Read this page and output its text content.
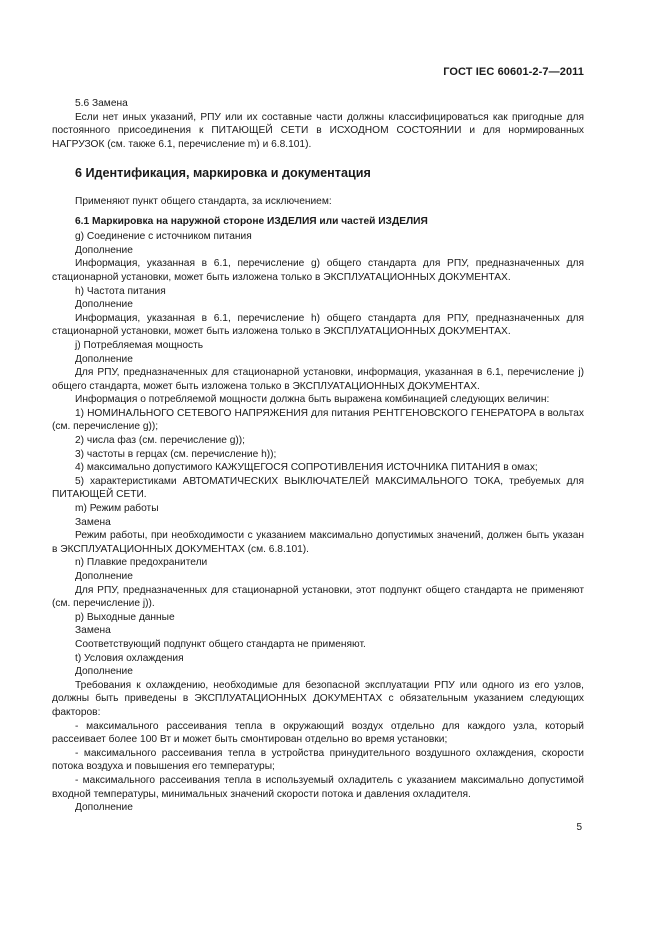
ГОСТ IEC 60601-2-7—2011

5.6 Замена

Если нет иных указаний, РПУ или их составные части должны классифицироваться как пригодные для постоянного присоединения к ПИТАЮЩЕЙ СЕТИ в ИСХОДНОМ СОСТОЯНИИ и для нормированных НАГРУЗОК (см. также 6.1, перечисление m) и 6.8.101).

6 Идентификация, маркировка и документация

Применяют пункт общего стандарта, за исключением:

6.1 Маркировка на наружной стороне ИЗДЕЛИЯ или частей ИЗДЕЛИЯ

g) Соединение с источником питания

Дополнение

Информация, указанная в 6.1, перечисление g) общего стандарта для РПУ, предназначенных для стационарной установки, может быть изложена только в ЭКСПЛУАТАЦИОННЫХ ДОКУМЕНТАХ.

h) Частота питания

Дополнение

Информация, указанная в 6.1, перечисление h) общего стандарта для РПУ, предназначенных для стационарной установки, может быть изложена только в ЭКСПЛУАТАЦИОННЫХ ДОКУМЕНТАХ.

j) Потребляемая мощность

Дополнение

Для РПУ, предназначенных для стационарной установки, информация, указанная в 6.1, перечисление j) общего стандарта, может быть изложена только в ЭКСПЛУАТАЦИОННЫХ ДОКУМЕНТАХ.

Информация о потребляемой мощности должна быть выражена комбинацией следующих величин:

1) НОМИНАЛЬНОГО СЕТЕВОГО НАПРЯЖЕНИЯ для питания РЕНТГЕНОВСКОГО ГЕНЕРАТОРА в вольтах (см. перечисление g));

2) числа фаз (см. перечисление g));

3) частоты в герцах (см. перечисление h));

4) максимально допустимого КАЖУЩЕГОСЯ СОПРОТИВЛЕНИЯ ИСТОЧНИКА ПИТАНИЯ в омах;

5) характеристиками АВТОМАТИЧЕСКИХ ВЫКЛЮЧАТЕЛЕЙ МАКСИМАЛЬНОГО ТОКА, требуемых для ПИТАЮЩЕЙ СЕТИ.

m) Режим работы

Замена

Режим работы, при необходимости с указанием максимально допустимых значений, должен быть указан в ЭКСПЛУАТАЦИОННЫХ ДОКУМЕНТАХ (см. 6.8.101).

n) Плавкие предохранители

Дополнение

Для РПУ, предназначенных для стационарной установки, этот подпункт общего стандарта не применяют (см. перечисление j)).

p) Выходные данные

Замена

Соответствующий подпункт общего стандарта не применяют.

t) Условия охлаждения

Дополнение

Требования к охлаждению, необходимые для безопасной эксплуатации РПУ или одного из его узлов, должны быть приведены в ЭКСПЛУАТАЦИОННЫХ ДОКУМЕНТАХ с обязательным указанием следующих факторов:

- максимального рассеивания тепла в окружающий воздух отдельно для каждого узла, который рассеивает более 100 Вт и может быть смонтирован отдельно во время установки;

- максимального рассеивания тепла в устройства принудительного воздушного охлаждения, скорости потока воздуха и повышения его температуры;

- максимального рассеивания тепла в используемый охладитель с указанием максимально допустимой входной температуры, минимальных значений скорости потока и давления охладителя.

Дополнение

5
